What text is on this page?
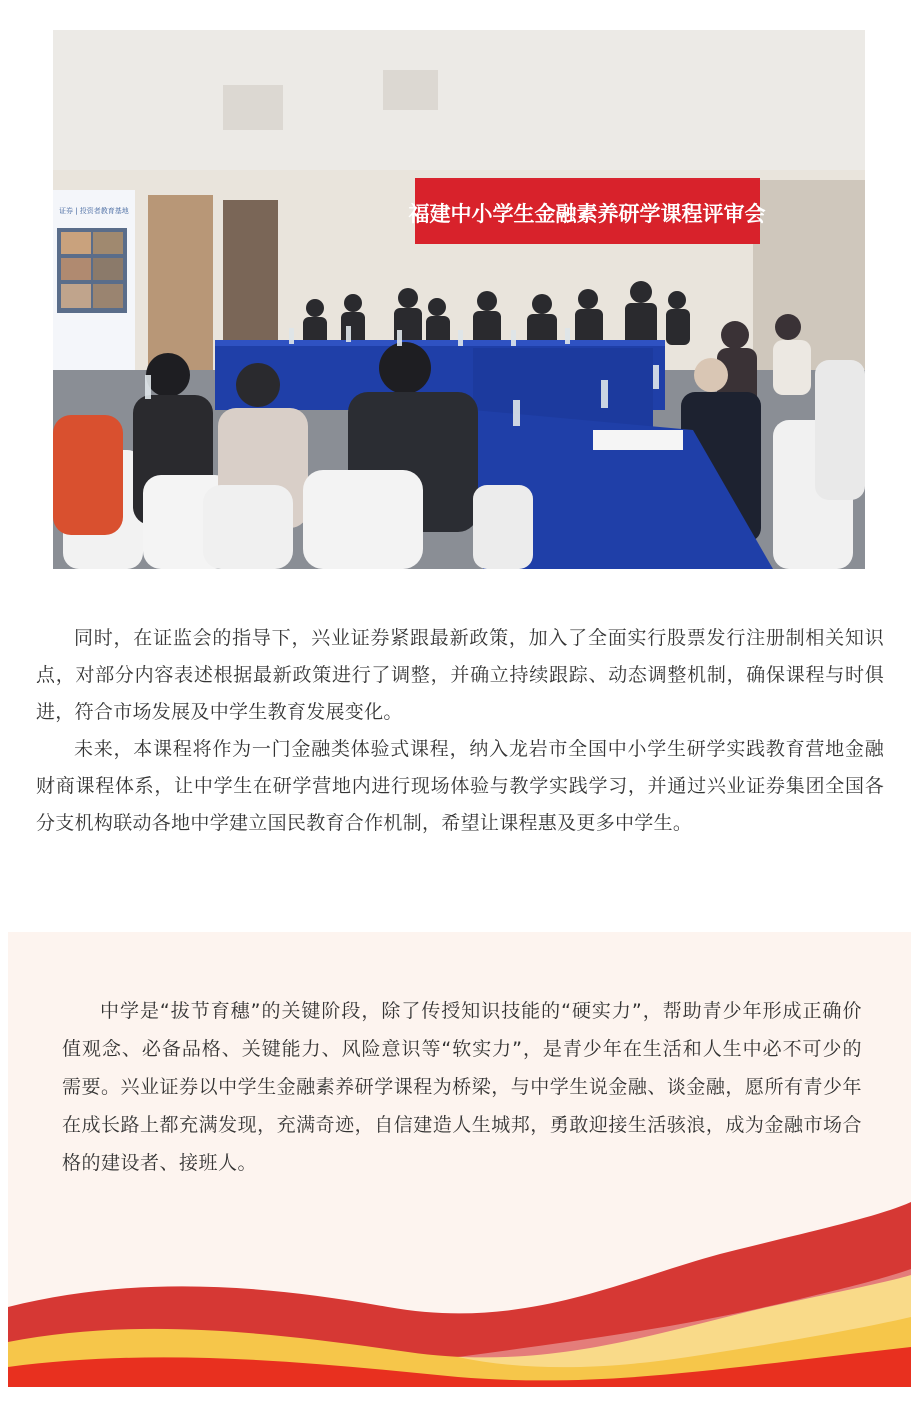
证券 | 投资者教育基地	福建中小学生金融素养研学课程评审会

同时，在证监会的指导下，兴业证券紧跟最新政策，加入了全面实行股票发行注册制相关知识点，对部分内容表述根据最新政策进行了调整，并确立持续跟踪、动态调整机制，确保课程与时俱进，符合市场发展及中学生教育发展变化。

未来，本课程将作为一门金融类体验式课程，纳入龙岩市全国中小学生研学实践教育营地金融财商课程体系，让中学生在研学营地内进行现场体验与教学实践学习，并通过兴业证券集团全国各分支机构联动各地中学建立国民教育合作机制，希望让课程惠及更多中学生。

中学是“拔节育穗”的关键阶段，除了传授知识技能的“硬实力”，帮助青少年形成正确价值观念、必备品格、关键能力、风险意识等“软实力”，是青少年在生活和人生中必不可少的需要。兴业证券以中学生金融素养研学课程为桥梁，与中学生说金融、谈金融，愿所有青少年在成长路上都充满发现，充满奇迹，自信建造人生城邦，勇敢迎接生活骇浪，成为金融市场合格的建设者、接班人。
